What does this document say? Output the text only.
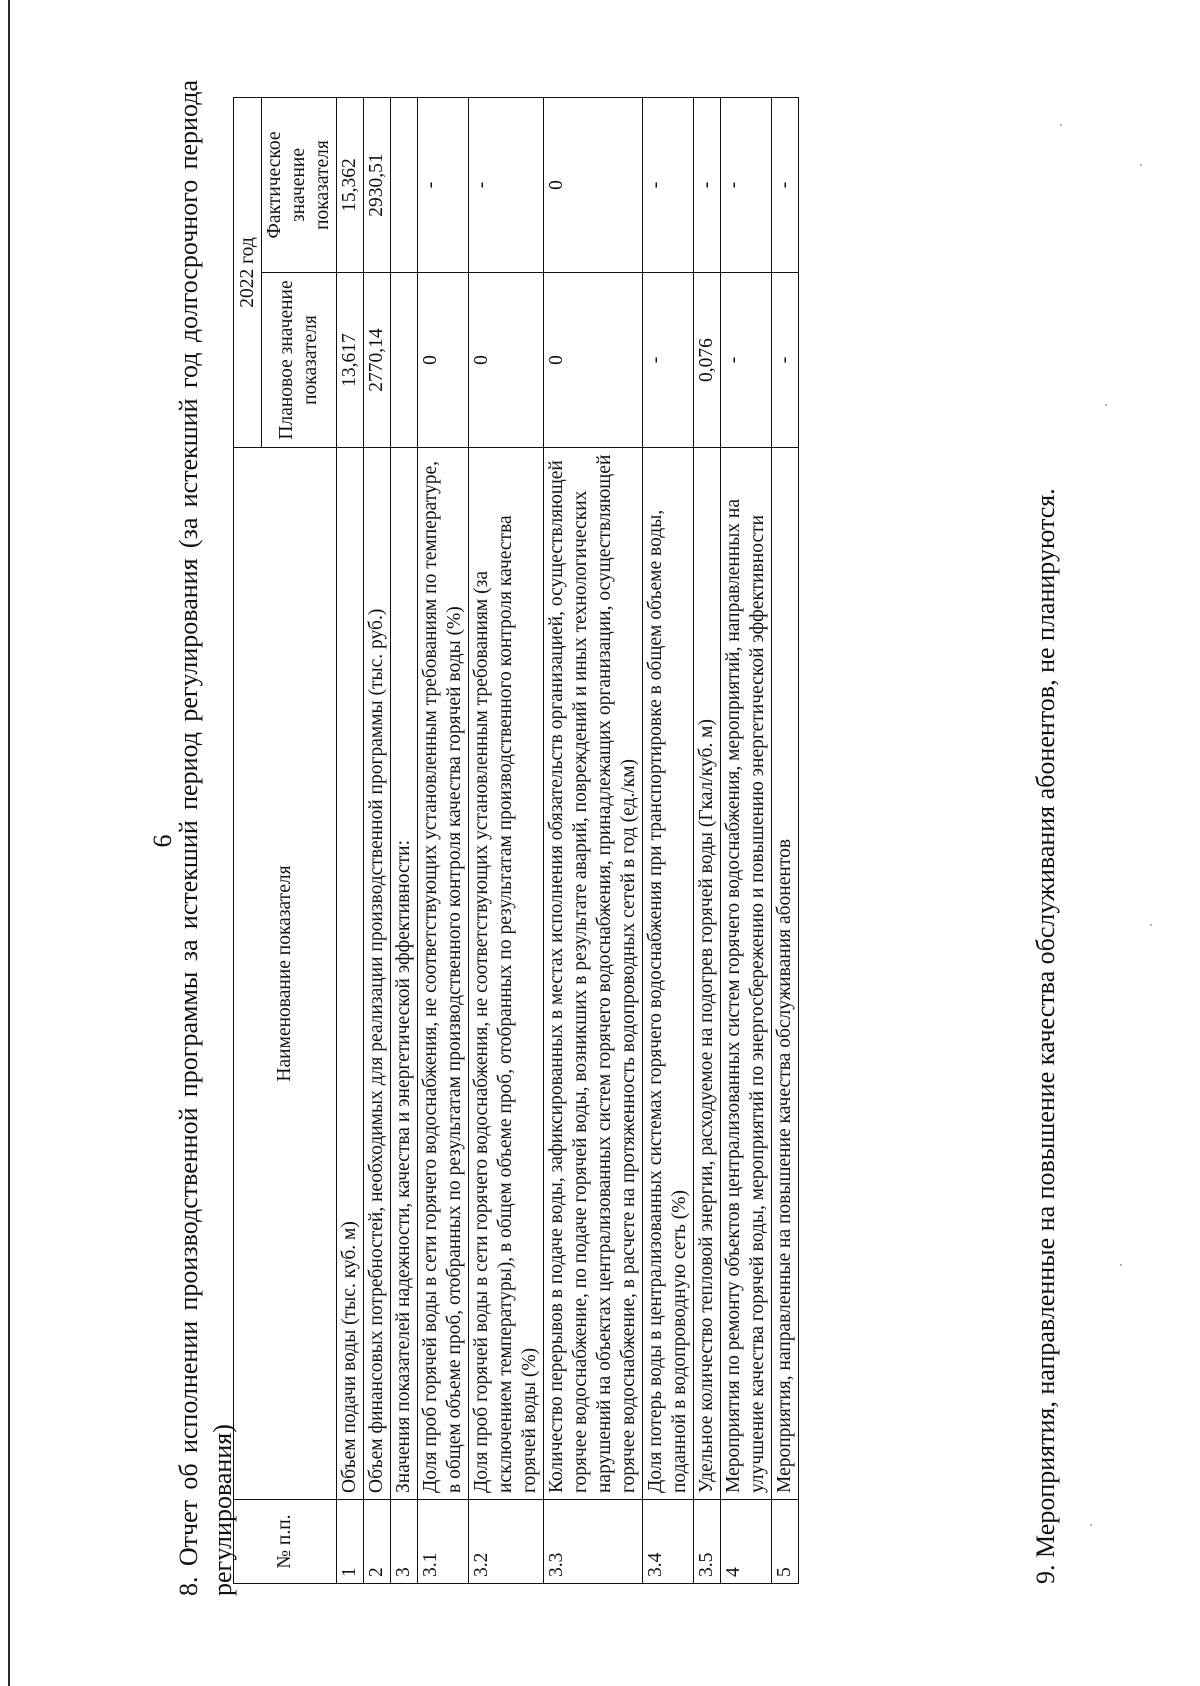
6
8. Отчет об исполнении производственной программы за истекший период регулирования (за истекший год долгосрочного периода регулирования) № п.п.	Наименование показателя	2022 год	
		Плановое значение показателя	Фактическое значение показателя
1	Объем подачи воды (тыс. куб. м)	13,617	15,362
2	Объем финансовых потребностей, необходимых для реализации производственной программы (тыс. руб.)	2770,14	2930,51
3	Значения показателей надежности, качества и энергетической эффективности:		
3.1	Доля проб горячей воды в сети горячего водоснабжения, не соответствующих установленным требованиям по температуре, в общем объеме проб, отобранных по результатам производственного контроля качества горячей воды (%)	0	-
3.2	Доля проб горячей воды в сети горячего водоснабжения, не соответствующих установленным требованиям (за исключением температуры), в общем объеме проб, отобранных по результатам производственного контроля качества горячей воды (%)	0	-
3.3	Количество перерывов в подаче воды, зафиксированных в местах исполнения обязательств организацией, осуществляющей горячее водоснабжение, по подаче горячей воды, возникших в результате аварий, повреждений и иных технологических нарушений на объектах централизованных систем горячего водоснабжения, принадлежащих организации, осуществляющей горячее водоснабжение, в расчете на протяженность водопроводных сетей в год (ед./км)	0	0
3.4	Доля потерь воды в централизованных системах горячего водоснабжения при транспортировке в общем объеме воды, поданной в водопроводную сеть (%)	-	-
3.5	Удельное количество тепловой энергии, расходуемое на подогрев горячей воды (Гкал/куб. м)	0,076	-
4	Мероприятия по ремонту объектов централизованных систем горячего водоснабжения, мероприятий, направленных на улучшение качества горячей воды, мероприятий по энергосбережению и повышению энергетической эффективности	-	-
5	Мероприятия, направленные на повышение качества обслуживания абонентов	-	-
9. Мероприятия, направленные на повышение качества обслуживания абонентов, не планируются.
